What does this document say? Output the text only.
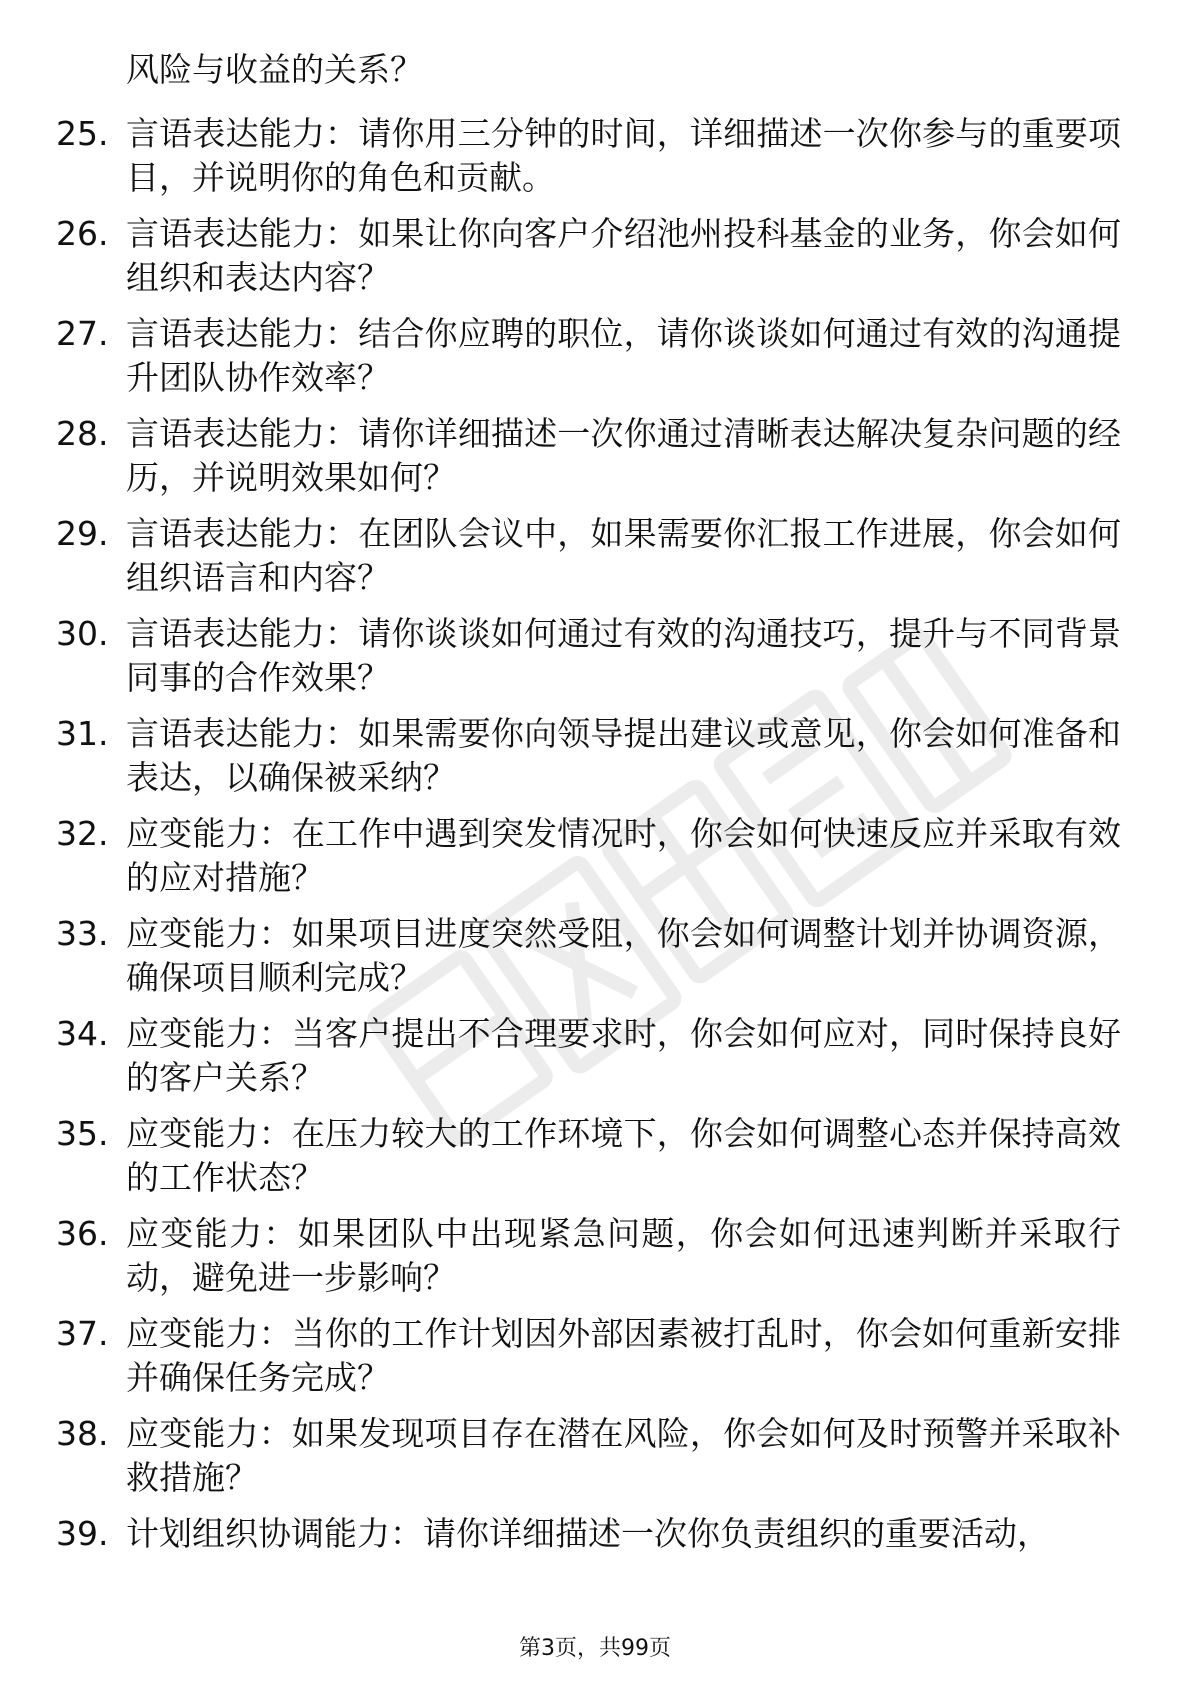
风险与收益的关系？
25. 言语表达能力：请你用三分钟的时间，详细描述一次你参与的重要项目，并说明你的角色和贡献。
26. 言语表达能力：如果让你向客户介绍池州投科基金的业务，你会如何组织和表达内容？
27. 言语表达能力：结合你应聘的职位，请你谈谈如何通过有效的沟通提升团队协作效率？
28. 言语表达能力：请你详细描述一次你通过清晰表达解决复杂问题的经历，并说明效果如何？
29. 言语表达能力：在团队会议中，如果需要你汇报工作进展，你会如何组织语言和内容？
30. 言语表达能力：请你谈谈如何通过有效的沟通技巧，提升与不同背景同事的合作效果？
31. 言语表达能力：如果需要你向领导提出建议或意见，你会如何准备和表达，以确保被采纳？
32. 应变能力：在工作中遇到突发情况时，你会如何快速反应并采取有效的应对措施？
33. 应变能力：如果项目进度突然受阻，你会如何调整计划并协调资源，确保项目顺利完成？
34. 应变能力：当客户提出不合理要求时，你会如何应对，同时保持良好的客户关系？
35. 应变能力：在压力较大的工作环境下，你会如何调整心态并保持高效的工作状态？
36. 应变能力：如果团队中出现紧急问题，你会如何迅速判断并采取行动，避免进一步影响？
37. 应变能力：当你的工作计划因外部因素被打乱时，你会如何重新安排并确保任务完成？
38. 应变能力：如果发现项目存在潜在风险，你会如何及时预警并采取补救措施？
39. 计划组织协调能力：请你详细描述一次你负责组织的重要活动，
第3页，共99页
